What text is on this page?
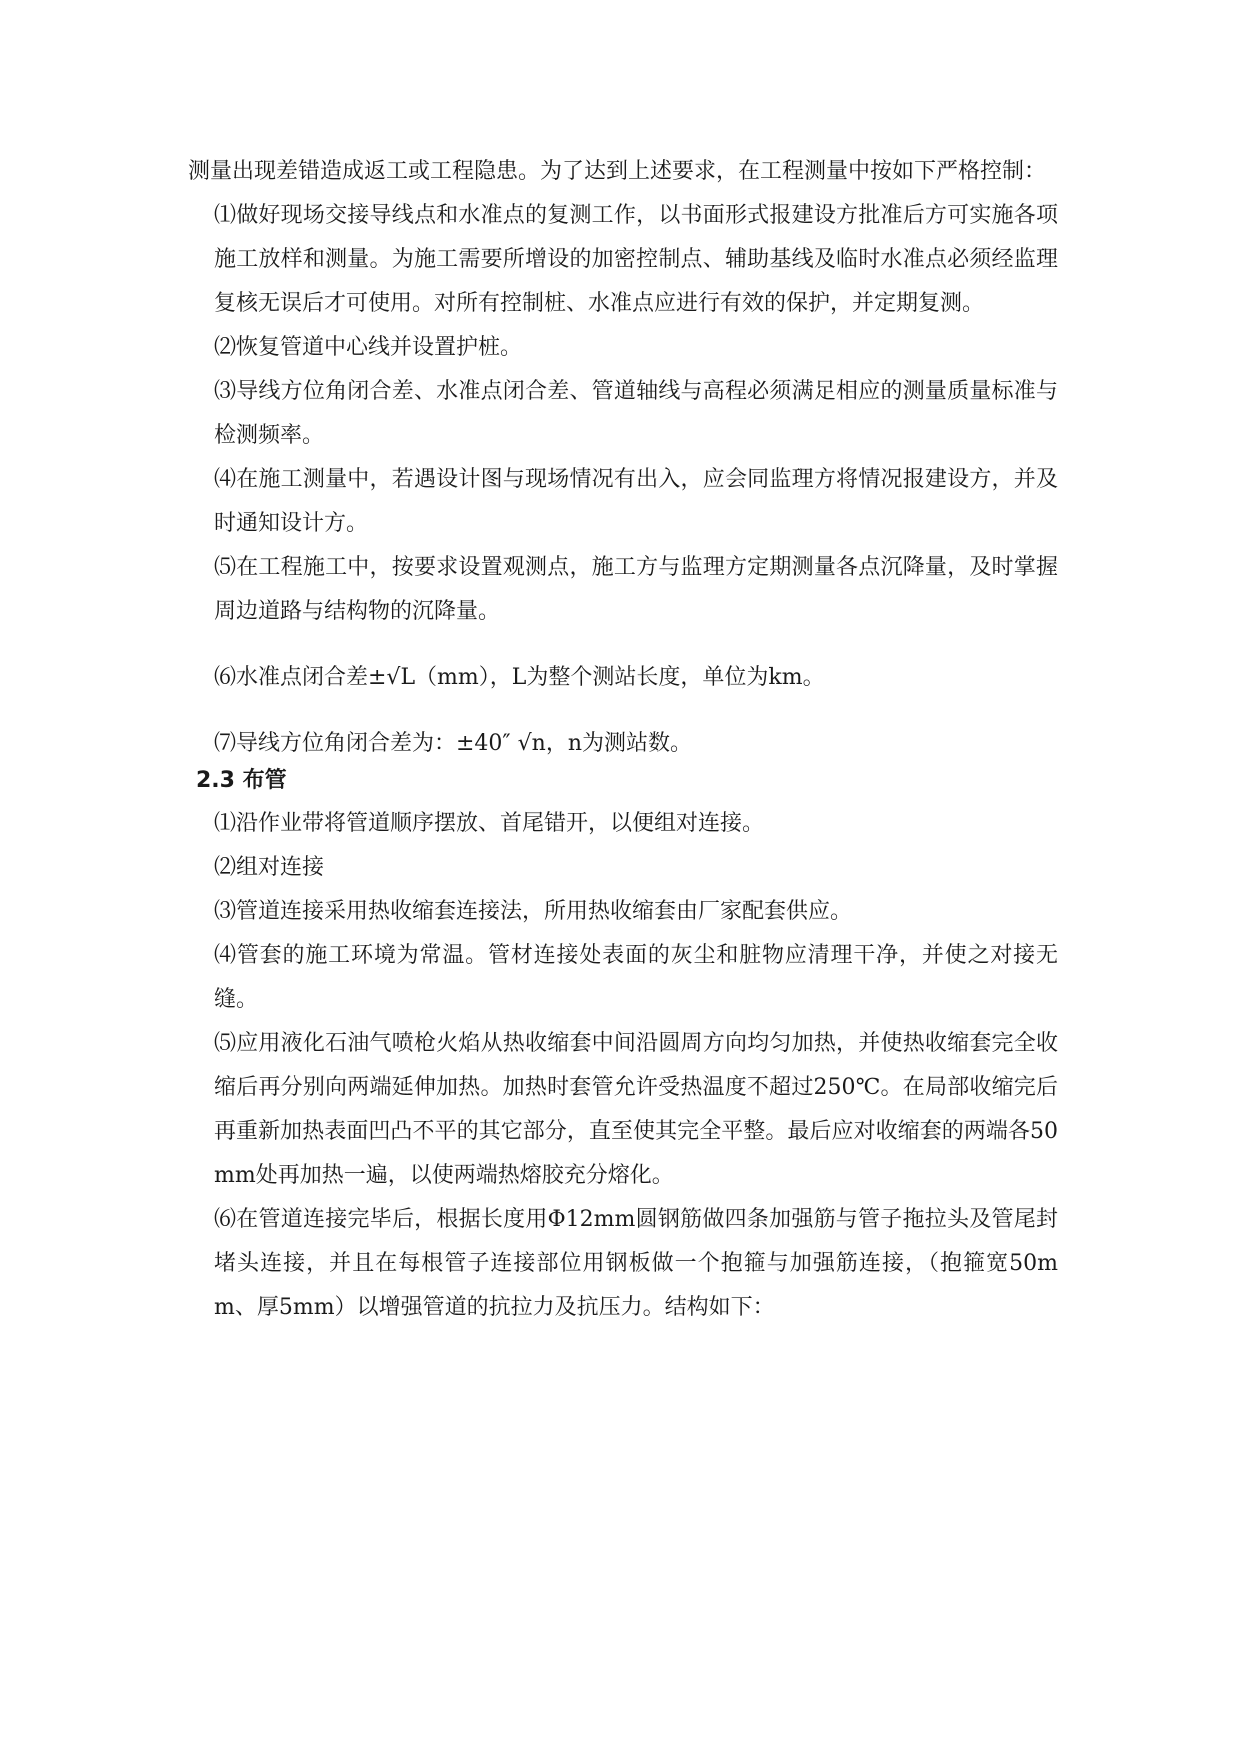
测量出现差错造成返工或工程隐患。为了达到上述要求，在工程测量中按如下严格控制：

⑴做好现场交接导线点和水准点的复测工作，以书面形式报建设方批准后方可实施各项施工放样和测量。为施工需要所增设的加密控制点、辅助基线及临时水准点必须经监理复核无误后才可使用。对所有控制桩、水准点应进行有效的保护，并定期复测。

⑵恢复管道中心线并设置护桩。

⑶导线方位角闭合差、水准点闭合差、管道轴线与高程必须满足相应的测量质量标准与检测频率。

⑷在施工测量中，若遇设计图与现场情况有出入，应会同监理方将情况报建设方，并及时通知设计方。

⑸在工程施工中，按要求设置观测点，施工方与监理方定期测量各点沉降量，及时掌握周边道路与结构物的沉降量。

⑹水准点闭合差±√L（mm），L为整个测站长度，单位为km。

⑺导线方位角闭合差为：±40″ √n，n为测站数。

2.3 布管

⑴沿作业带将管道顺序摆放、首尾错开，以便组对连接。

⑵组对连接

⑶管道连接采用热收缩套连接法，所用热收缩套由厂家配套供应。

⑷管套的施工环境为常温。管材连接处表面的灰尘和脏物应清理干净，并使之对接无缝。

⑸应用液化石油气喷枪火焰从热收缩套中间沿圆周方向均匀加热，并使热收缩套完全收缩后再分别向两端延伸加热。加热时套管允许受热温度不超过250℃。在局部收缩完后再重新加热表面凹凸不平的其它部分，直至使其完全平整。最后应对收缩套的两端各50mm处再加热一遍，以使两端热熔胶充分熔化。

⑹在管道连接完毕后，根据长度用Φ12mm圆钢筋做四条加强筋与管子拖拉头及管尾封堵头连接，并且在每根管子连接部位用钢板做一个抱箍与加强筋连接，（抱箍宽50mm、厚5mm）以增强管道的抗拉力及抗压力。结构如下：
